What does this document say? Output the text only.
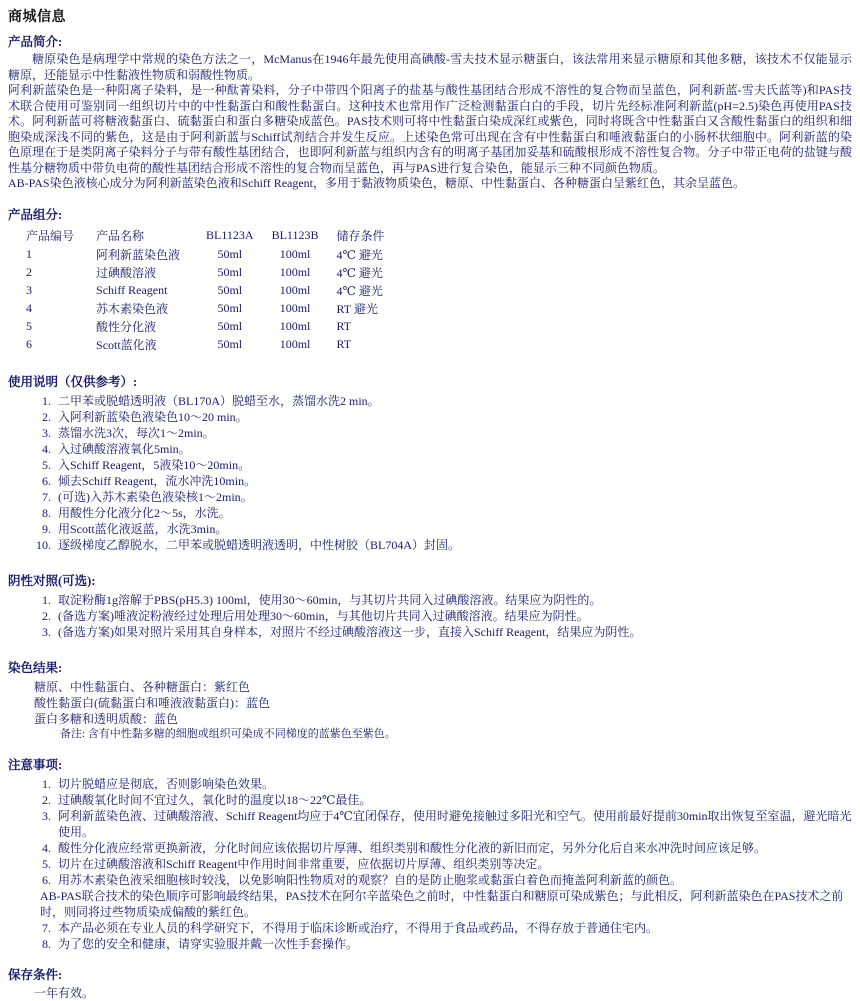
商城信息
产品简介:

糖原染色是病理学中常规的染色方法之一，McManus在1946年最先使用高碘酸-雪夫技术显示糖蛋白，该法常用来显示糖原和其他多糖，该技术不仅能显示糖原，还能显示中性黏液性物质和弱酸性物质。

阿利新蓝染色是一种阳离子染料，是一种酞菁染料，分子中带四个阳离子的盐基与酸性基团结合形成不溶性的复合物而呈蓝色，阿利新蓝-雪夫氏蓝等)和PAS技术联合使用可鉴别同一组织切片中的中性黏蛋白和酸性黏蛋白。这种技术也常用作广泛检测黏蛋白白的手段，切片先经标准阿利新蓝(pH=2.5)染色再使用PAS技术。阿利新蓝可将糖液黏蛋白、硫黏蛋白和蛋白多糖染成蓝色。PAS技术则可将中性黏蛋白染成深红或紫色，同时将既含中性黏蛋白又含酸性黏蛋白的组织和细胞染成深浅不同的紫色，这是由于阿利新蓝与Schiff试剂结合并发生反应。上述染色常可出现在含有中性黏蛋白和唾液黏蛋白的小肠杯状细胞中。阿利新蓝的染色原理在于是类阴离子染料分子与带有酸性基团结合，也即阿利新蓝与组织内含有的明离子基团加妥基和硫酸根形成不溶性复合物。分子中带正电荷的盐键与酸性基分糖物质中带负电荷的酸性基团结合形成不溶性的复合物而呈蓝色，再与PAS进行复合染色，能显示三种不同颜色物质。

AB-PAS染色液核心成分为阿利新蓝染色液和Schiff Reagent，多用于黏液物质染色，糖原、中性黏蛋白、各种糖蛋白呈紫红色，其余呈蓝色。

产品组分:
产品编号	产品名称	BL1123A	BL1123B	储存条件
1	阿利新蓝染色液	50ml	100ml	4℃ 避光
2	过碘酸溶液	50ml	100ml	4℃ 避光
3	Schiff Reagent	50ml	100ml	4℃ 避光
4	苏木素染色液	50ml	100ml	RT 避光
5	酸性分化液	50ml	100ml	RT
6	Scott蓝化液	50ml	100ml	RT
使用说明（仅供参考）:
1. 二甲苯或脱蜡透明液（BL170A）脱蜡至水，蒸馏水洗2 min。
2. 入阿利新蓝染色液染色10～20 min。
3. 蒸馏水洗3次，每次1～2min。
4. 入过碘酸溶液氧化5min。
5. 入Schiff Reagent，5液染10～20min。
6. 倾去Schiff Reagent，流水冲洗10min。
7. (可选)入苏木素染色液染核1～2min。
8. 用酸性分化液分化2～5s，水洗。
9. 用Scott蓝化液返蓝，水洗3min。
10. 逐级梯度乙醇脱水，二甲苯或脱蜡透明液透明，中性树胶（BL704A）封固。
阴性对照(可选):
1. 取淀粉酶1g溶解于PBS(pH5.3) 100ml，使用30～60min，与其切片共同入过碘酸溶液。结果应为阴性的。
2. (备选方案)唾液淀粉液经过处理后用处理30～60min，与其他切片共同入过碘酸溶液。结果应为阴性。
3. (备选方案)如果对照片采用其自身样本，对照片不经过碘酸溶液这一步，直接入Schiff Reagent，结果应为阴性。
染色结果:
糖原、中性黏蛋白、各种糖蛋白：紫红色
酸性黏蛋白(硫黏蛋白和唾液液黏蛋白)：蓝色
蛋白多糖和透明质酸：蓝色
备注: 含有中性黏多糖的细胞或组织可染成不同梯度的蓝紫色至紫色。
注意事项:
1. 切片脱蜡应是彻底，否则影响染色效果。
2. 过碘酸氧化时间不宜过久，氧化时的温度以18～22℃最佳。
3. 阿利新蓝染色液、过碘酸溶液、Schiff Reagent均应于4℃宜闭保存，使用时避免接触过多阳光和空气。使用前最好提前30min取出恢复至室温，避光暗光使用。
4. 酸性分化液应经常更换新液，分化时间应该依据切片厚薄、组织类别和酸性分化液的新旧而定，另外分化后自来水冲洗时间应该足够。
5. 切片在过碘酸溶液和Schiff Reagent中作用时间非常重要，应依据切片厚薄、组织类别等决定。
6. 用苏木素染色液采细胞核时较浅，以免影响阳性物质对的观察？自的是防止胞浆或黏蛋白着色而掩盖阿利新蓝的颜色。
AB-PAS联合技术的染色顺序可影响最终结果，PAS技术在阿尔辛蓝染色之前时，中性黏蛋白和糖原可染成紫色；与此相反，阿利新蓝染色在PAS技术之前时，则同将过些物质染成偏酸的紫红色。
7. 本产品必须在专业人员的科学研究下，不得用于临床诊断或治疗，不得用于食品或药品，不得存放于普通住宅内。
8. 为了您的安全和健康，请穿实验服并戴一次性手套操作。
保存条件:
一年有效。
